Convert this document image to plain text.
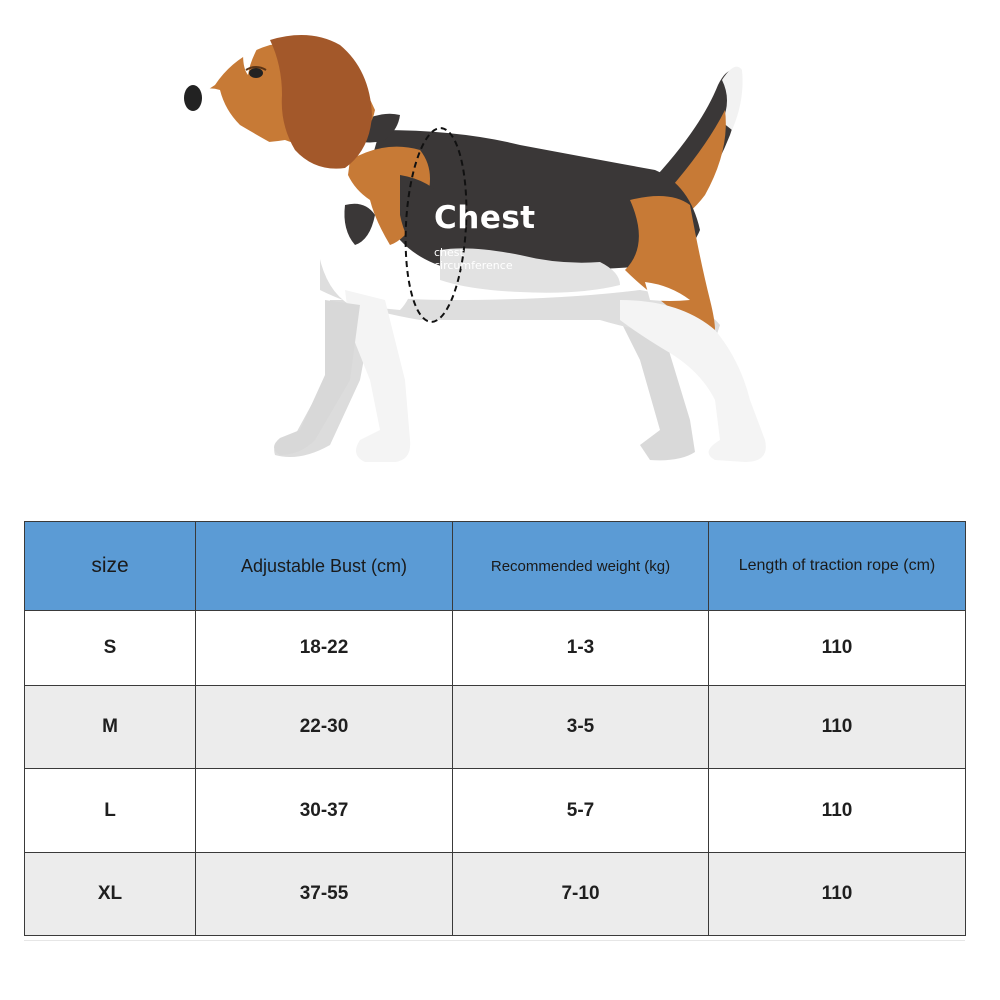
Chest
chest circumference
size	Adjustable Bust (cm)	Recommended weight (kg)	Length of traction rope (cm)
S	18-22	1-3	110
M	22-30	3-5	110
L	30-37	5-7	110
XL	37-55	7-10	110
